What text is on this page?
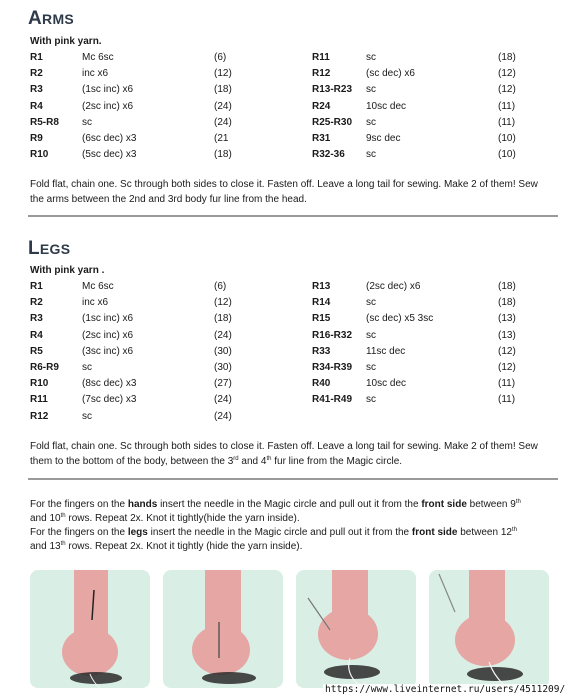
ARMS
With pink yarn.
R1	Mc 6sc	(6)
R2	inc x6	(12)
R3	(1sc inc) x6	(18)
R4	(2sc inc) x6	(24)
R5-R8 sc	(24)
R9	(6sc dec) x3	(21
R10	(5sc dec) x3	(18)
R11	sc	(18)
R12	(sc dec) x6	(12)
R13-R23 sc	(12)
R24	10sc dec	(11)
R25-R30 sc	(11)
R31	9sc dec	(10)
R32-36 sc	(10)
Fold flat, chain one. Sc through both sides to close it. Fasten off. Leave a long tail for sewing. Make 2 of them! Sew
the arms between the 2nd and 3rd body fur line from the head.
LEGS
With pink yarn .
R1	Mc 6sc	(6)
R2	inc x6	(12)
R3	(1sc inc) x6	(18)
R4	(2sc inc) x6	(24)
R5	(3sc inc) x6	(30)
R6-R9 sc	(30)
R10	(8sc dec) x3	(27)
R11	(7sc dec) x3	(24)
R12	sc	(24)
R13	(2sc dec) x6	(18)
R14	sc	(18)
R15	(sc dec) x5 3sc	(13)
R16-R32 sc	(13)
R33	11sc dec	(12)
R34-R39 sc	(12)
R40	10sc dec	(11)
R41-R49 sc	(11)
Fold flat, chain one. Sc through both sides to close it. Fasten off. Leave a long tail for sewing. Make 2 of them! Sew
them to the bottom of the body, between the 3rd and 4th fur line from the Magic circle.
For the fingers on the hands insert the needle in the Magic circle and pull out it from the front side between 9th
and 10th rows. Repeat 2x. Knot it tightly(hide the yarn inside).
For the fingers on the legs insert the needle in the Magic circle and pull out it from the front side between 12th
and 13th rows. Repeat 2x. Knot it tightly (hide the yarn inside).
https://www.liveinternet.ru/users/4511209/
